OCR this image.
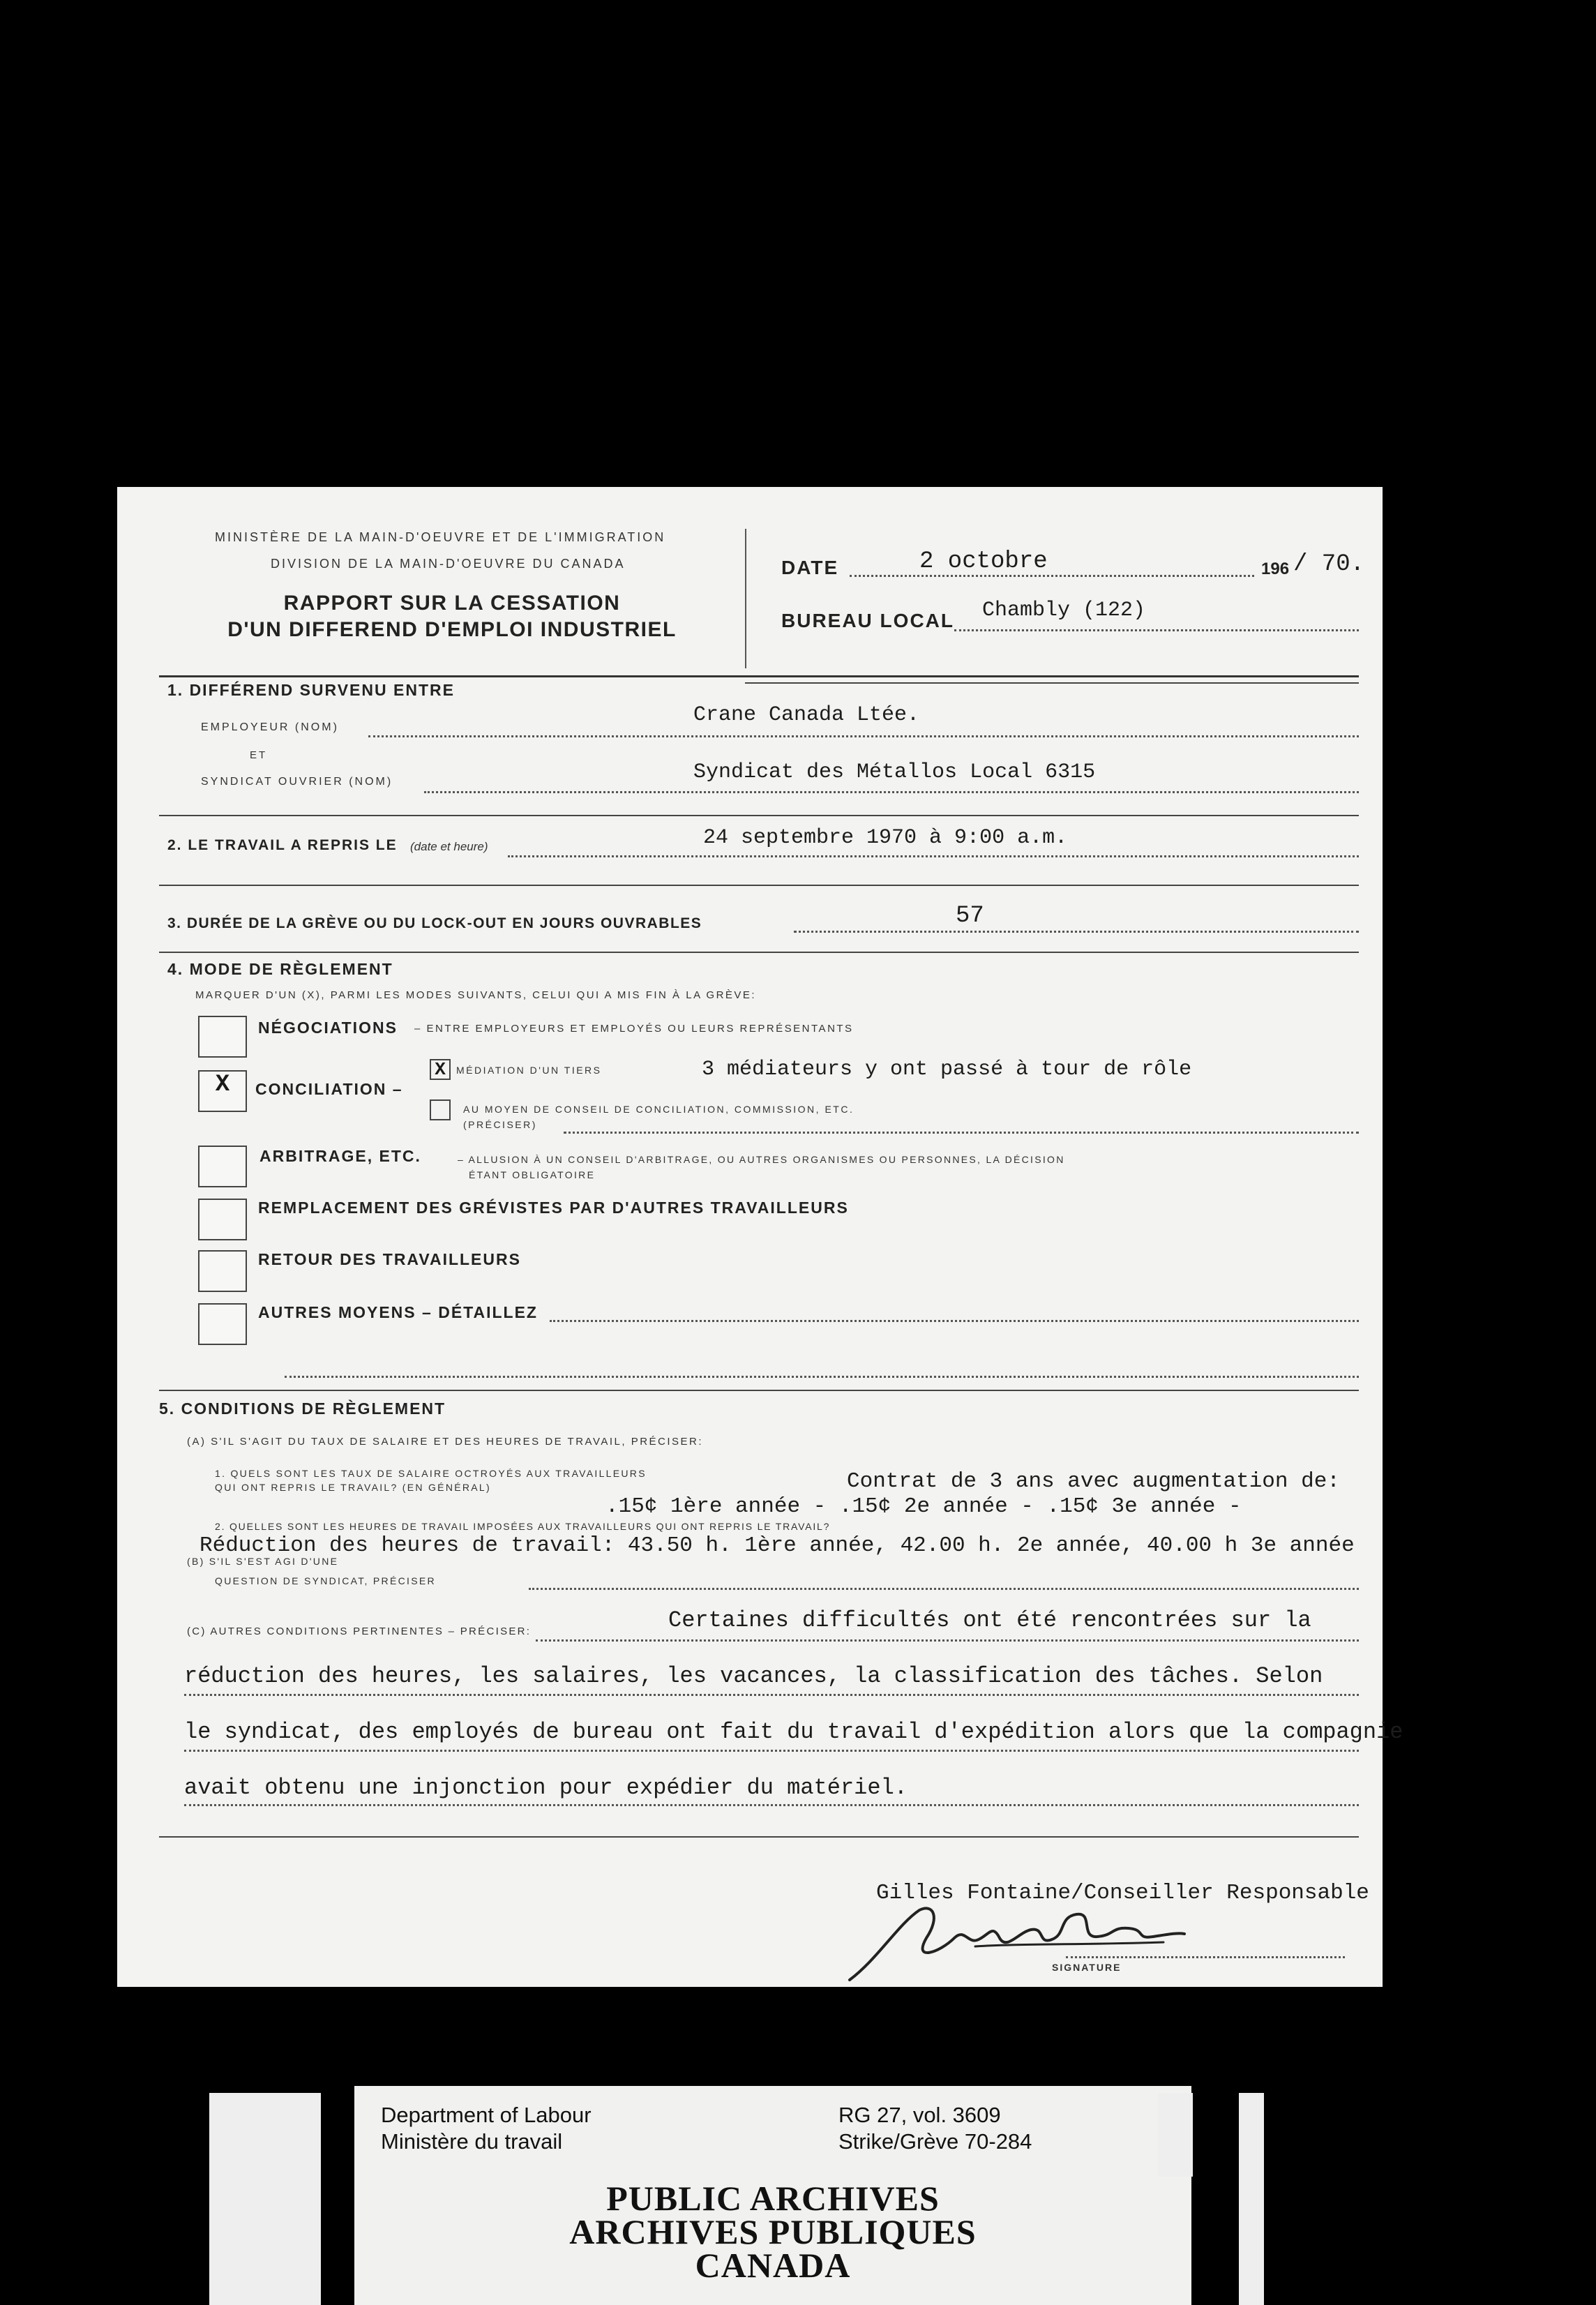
MINISTÈRE DE LA MAIN-D'OEUVRE ET DE L'IMMIGRATION
DIVISION DE LA MAIN-D'OEUVRE DU CANADA
RAPPORT SUR LA CESSATION
D'UN DIFFEREND D'EMPLOI INDUSTRIEL
DATE	2 octobre	196 / 70.
BUREAU LOCAL Chambly (122)
1. DIFFÉREND SURVENU ENTRE
EMPLOYEUR (NOM)
Crane Canada Ltée.
ET
SYNDICAT OUVRIER (NOM)	Syndicat des Métallos Local 6315
2. LE TRAVAIL A REPRIS LE (date et heure)	24 septembre 1970 à 9:00 a.m.
3. DURÉE DE LA GRÈVE OU DU LOCK-OUT EN JOURS OUVRABLES	57
4. MODE DE RÈGLEMENT
MARQUER D'UN (X), PARMI LES MODES SUIVANTS, CELUI QUI A MIS FIN À LA GRÈVE:
NÉGOCIATIONS – ENTRE EMPLOYEURS ET EMPLOYÉS OU LEURS REPRÉSENTANTS
X	CONCILIATION –
X	MÉDIATION D'UN TIERS	3 médiateurs y ont passé à tour de rôle
AU MOYEN DE CONSEIL DE CONCILIATION, COMMISSION, ETC.
(PRÉCISER)
ARBITRAGE, ETC.	– ALLUSION À UN CONSEIL D'ARBITRAGE, OU AUTRES ORGANISMES OU PERSONNES, LA DÉCISION
ÉTANT OBLIGATOIRE
REMPLACEMENT DES GRÉVISTES PAR D'AUTRES TRAVAILLEURS
RETOUR DES TRAVAILLEURS
AUTRES MOYENS – DÉTAILLEZ
5. CONDITIONS DE RÈGLEMENT
(A) S'IL S'AGIT DU TAUX DE SALAIRE ET DES HEURES DE TRAVAIL, PRÉCISER:
1. QUELS SONT LES TAUX DE SALAIRE OCTROYÉS AUX TRAVAILLEURS
QUI ONT REPRIS LE TRAVAIL? (EN GÉNÉRAL)	Contrat de 3 ans avec augmentation de:
.15¢ 1ère année - .15¢ 2e année - .15¢ 3e année -
2. QUELLES SONT LES HEURES DE TRAVAIL IMPOSÉES AUX TRAVAILLEURS QUI ONT REPRIS LE TRAVAIL?
Réduction des heures de travail: 43.50 h. 1ère année, 42.00 h. 2e année, 40.00 h 3e année
(B) S'IL S'EST AGI D'UNE
QUESTION DE SYNDICAT, PRÉCISER
(C) AUTRES CONDITIONS PERTINENTES – PRÉCISER:	Certaines difficultés ont été rencontrées sur la
réduction des heures, les salaires, les vacances, la classification des tâches. Selon
le syndicat, des employés de bureau ont fait du travail d'expédition alors que la compagnie
avait obtenu une injonction pour expédier du matériel.
Gilles Fontaine/Conseiller Responsable
SIGNATURE
Department of Labour
Ministère du travail
RG 27, vol. 3609
Strike/Grève 70-284
PUBLIC ARCHIVES
ARCHIVES PUBLIQUES
CANADA
